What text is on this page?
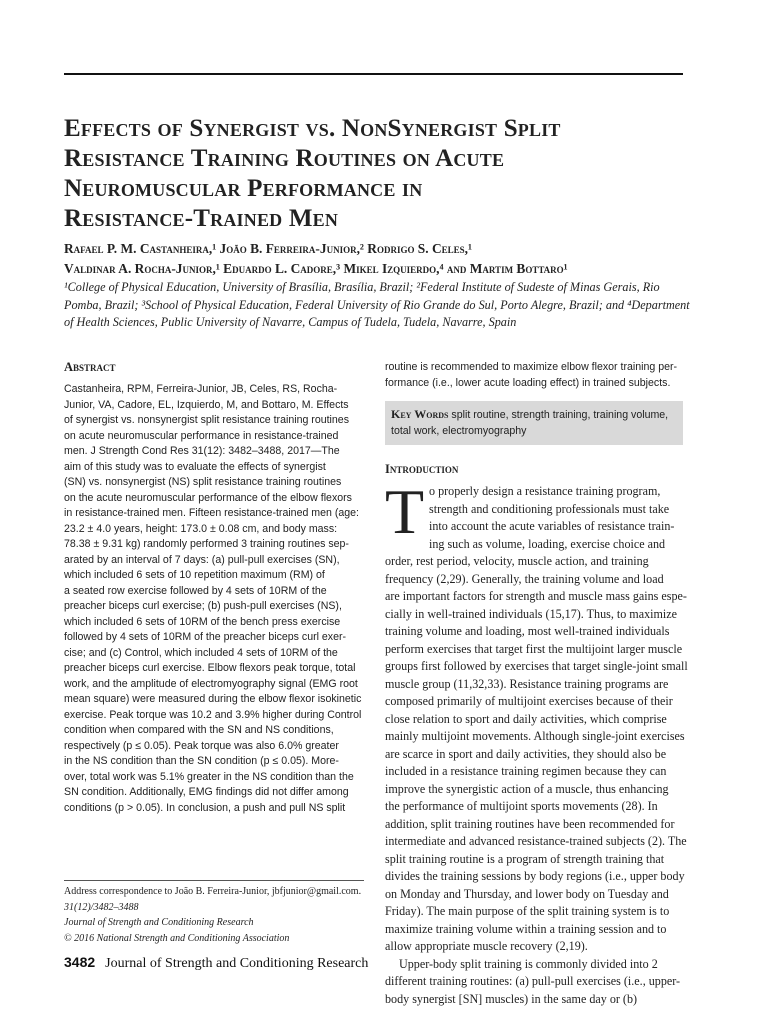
Effects of Synergist vs. NonSynergist Split
Resistance Training Routines on Acute
Neuromuscular Performance in
Resistance-Trained Men
Rafael P. M. Castanheira,¹ João B. Ferreira-Junior,² Rodrigo S. Celes,¹
Valdinar A. Rocha-Junior,¹ Eduardo L. Cadore,³ Mikel Izquierdo,⁴ and Martim Bottaro¹
¹College of Physical Education, University of Brasília, Brasília, Brazil; ²Federal Institute of Sudeste of Minas Gerais, Rio
Pomba, Brazil; ³School of Physical Education, Federal University of Rio Grande do Sul, Porto Alegre, Brazil; and ⁴Department
of Health Sciences, Public University of Navarre, Campus of Tudela, Tudela, Navarre, Spain
Abstract
Castanheira, RPM, Ferreira-Junior, JB, Celes, RS, Rocha-
Junior, VA, Cadore, EL, Izquierdo, M, and Bottaro, M. Effects
of synergist vs. nonsynergist split resistance training routines
on acute neuromuscular performance in resistance-trained
men. J Strength Cond Res 31(12): 3482–3488, 2017—The
aim of this study was to evaluate the effects of synergist
(SN) vs. nonsynergist (NS) split resistance training routines
on the acute neuromuscular performance of the elbow flexors
in resistance-trained men. Fifteen resistance-trained men (age:
23.2 ± 4.0 years, height: 173.0 ± 0.08 cm, and body mass:
78.38 ± 9.31 kg) randomly performed 3 training routines sep-
arated by an interval of 7 days: (a) pull-pull exercises (SN),
which included 6 sets of 10 repetition maximum (RM) of
a seated row exercise followed by 4 sets of 10RM of the
preacher biceps curl exercise; (b) push-pull exercises (NS),
which included 6 sets of 10RM of the bench press exercise
followed by 4 sets of 10RM of the preacher biceps curl exer-
cise; and (c) Control, which included 4 sets of 10RM of the
preacher biceps curl exercise. Elbow flexors peak torque, total
work, and the amplitude of electromyography signal (EMG root
mean square) were measured during the elbow flexor isokinetic
exercise. Peak torque was 10.2 and 3.9% higher during Control
condition when compared with the SN and NS conditions,
respectively (p ≤ 0.05). Peak torque was also 6.0% greater
in the NS condition than the SN condition (p ≤ 0.05). More-
over, total work was 5.1% greater in the NS condition than the
SN condition. Additionally, EMG findings did not differ among
conditions (p > 0.05). In conclusion, a push and pull NS split
routine is recommended to maximize elbow flexor training per-
formance (i.e., lower acute loading effect) in trained subjects.
Key Words split routine, strength training, training volume,
total work, electromyography
Introduction
T o properly design a resistance training program,
strength and conditioning professionals must take
into account the acute variables of resistance train-
ing such as volume, loading, exercise choice and
order, rest period, velocity, muscle action, and training
frequency (2,29). Generally, the training volume and load
are important factors for strength and muscle mass gains espe-
cially in well-trained individuals (15,17). Thus, to maximize
training volume and loading, most well-trained individuals
perform exercises that target first the multijoint larger muscle
groups first followed by exercises that target single-joint small
muscle group (11,32,33). Resistance training programs are
composed primarily of multijoint exercises because of their
close relation to sport and daily activities, which comprise
mainly multijoint movements. Although single-joint exercises
are scarce in sport and daily activities, they should also be
included in a resistance training regimen because they can
improve the synergistic action of a muscle, thus enhancing
the performance of multijoint sports movements (28). In
addition, split training routines have been recommended for
intermediate and advanced resistance-trained subjects (2). The
split training routine is a program of strength training that
divides the training sessions by body regions (i.e., upper body
on Monday and Thursday, and lower body on Tuesday and
Friday). The main purpose of the split training system is to
maximize training volume within a training session and to
allow appropriate muscle recovery (2,19).
Upper-body split training is commonly divided into 2
different training routines: (a) pull-pull exercises (i.e., upper-
body synergist [SN] muscles) in the same day or (b)
Address correspondence to João B. Ferreira-Junior, jbfjunior@gmail.com.
31(12)/3482–3488
Journal of Strength and Conditioning Research
© 2016 National Strength and Conditioning Association
3482 Journal of Strength and Conditioning Research
